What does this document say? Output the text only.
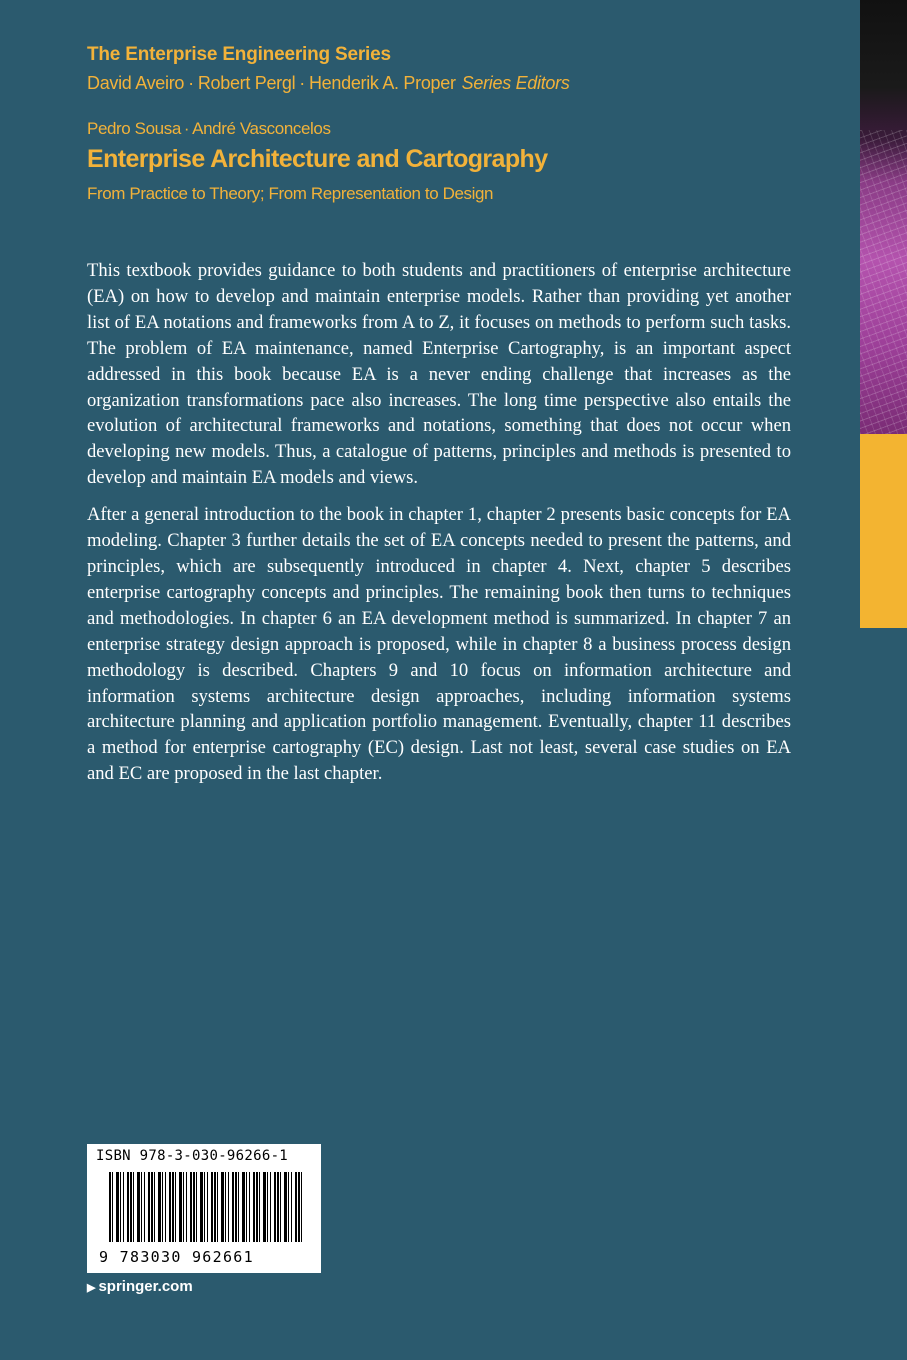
The Enterprise Engineering Series
David Aveiro · Robert Pergl · Henderik A. Proper Series Editors
Pedro Sousa · André Vasconcelos
Enterprise Architecture and Cartography
From Practice to Theory; From Representation to Design

This textbook provides guidance to both students and practitioners of enterprise architecture (EA) on how to develop and maintain enterprise models. Rather than providing yet another list of EA notations and frameworks from A to Z, it focuses on methods to perform such tasks. The problem of EA maintenance, named Enterprise Cartography, is an important aspect addressed in this book because EA is a never ending challenge that increases as the organization transformations pace also increases. The long time perspective also entails the evolution of architectural frameworks and notations, something that does not occur when developing new models. Thus, a catalogue of patterns, principles and methods is presented to develop and maintain EA models and views.

After a general introduction to the book in chapter 1, chapter 2 presents basic concepts for EA modeling. Chapter 3 further details the set of EA concepts needed to present the patterns, and principles, which are subsequently introduced in chapter 4. Next, chapter 5 describes enterprise cartography concepts and principles. The remaining book then turns to techniques and methodologies. In chapter 6 an EA development method is summarized. In chapter 7 an enterprise strategy design approach is proposed, while in chapter 8 a business process design methodology is described. Chapters 9 and 10 focus on information architecture and information systems architecture design approaches, including information systems architecture planning and application portfolio management. Eventually, chapter 11 describes a method for enterprise cartography (EC) design. Last not least, several case studies on EA and EC are proposed in the last chapter.

ISBN 978-3-030-96266-1
9 783030 962661
▶ springer.com
